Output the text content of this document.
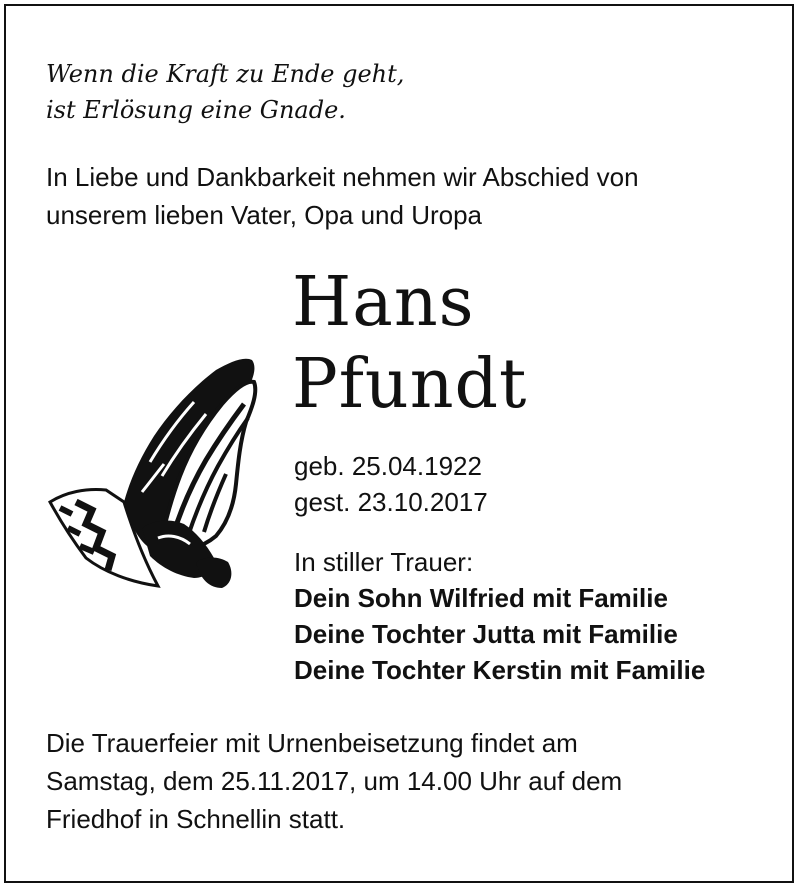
Wenn die Kraft zu Ende geht,
ist Erlösung eine Gnade.

In Liebe und Dankbarkeit nehmen wir Abschied von
unserem lieben Vater, Opa und Uropa

Hans
Pfundt

geb. 25.04.1922
gest. 23.10.2017

In stiller Trauer:
Dein Sohn Wilfried mit Familie
Deine Tochter Jutta mit Familie
Deine Tochter Kerstin mit Familie

Die Trauerfeier mit Urnenbeisetzung findet am
Samstag, dem 25.11.2017, um 14.00 Uhr auf dem
Friedhof in Schnellin statt.
